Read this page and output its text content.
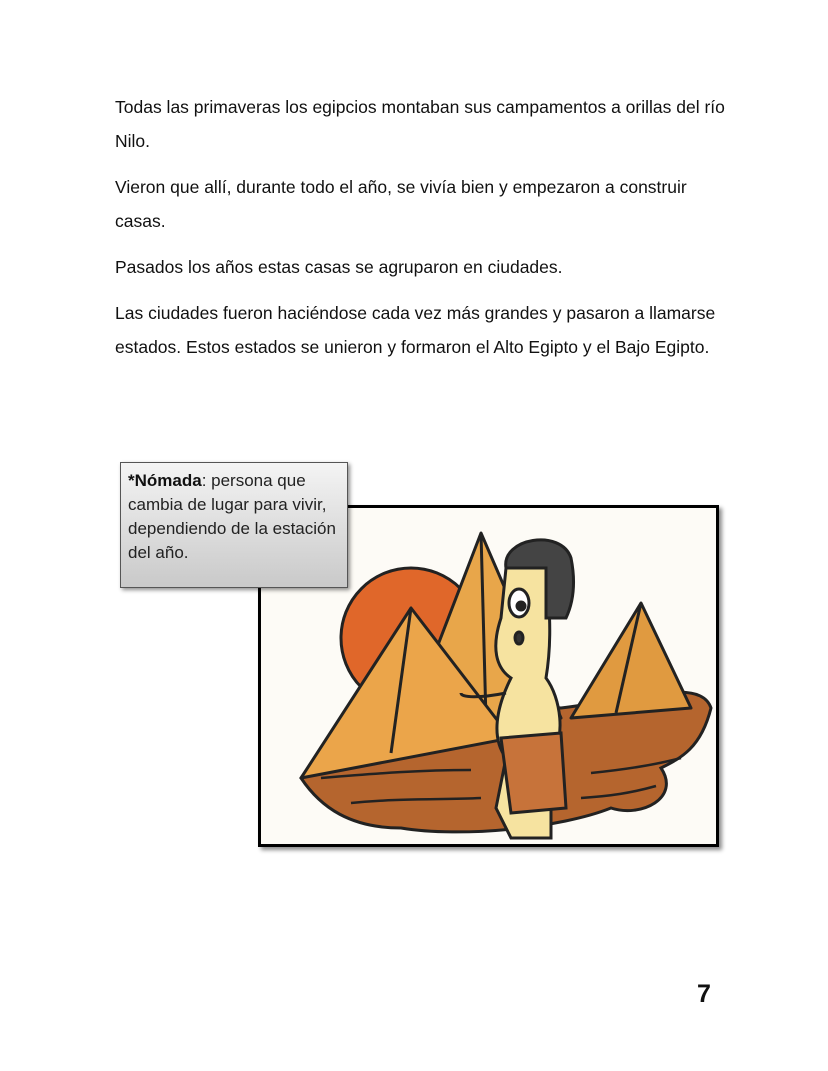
Todas las primaveras los egipcios montaban sus campamentos a orillas del río Nilo.

Vieron que allí, durante todo el año, se vivía bien y empezaron a construir casas.

Pasados los años estas casas se agruparon en ciudades.

Las ciudades fueron haciéndose cada vez más grandes y pasaron a llamarse estados. Estos estados se unieron y formaron el Alto Egipto y el Bajo Egipto.

*Nómada: persona que cambia de lugar para vivir, dependiendo de la estación del año.
7
